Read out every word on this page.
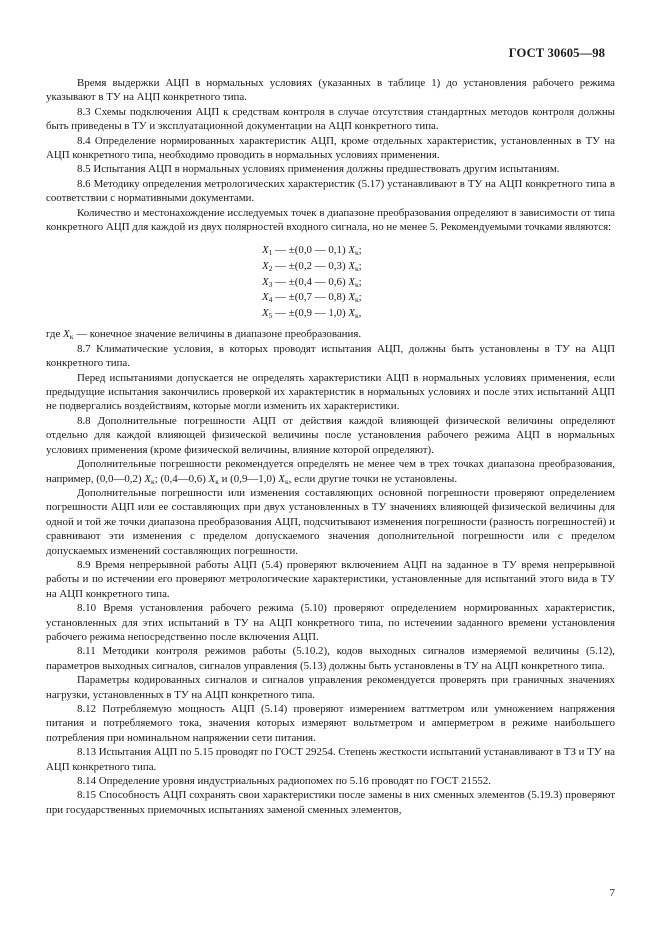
ГОСТ 30605—98

Время выдержки АЦП в нормальных условиях (указанных в таблице 1) до установления рабочего режима указывают в ТУ на АЦП конкретного типа.

8.3 Схемы подключения АЦП к средствам контроля в случае отсутствия стандартных методов контроля должны быть приведены в ТУ и эксплуатационной документации на АЦП конкретного типа.

8.4 Определение нормированных характеристик АЦП, кроме отдельных характеристик, установленных в ТУ на АЦП конкретного типа, необходимо проводить в нормальных условиях применения.

8.5 Испытания АЦП в нормальных условиях применения должны предшествовать другим испытаниям.

8.6 Методику определения метрологических характеристик (5.17) устанавливают в ТУ на АЦП конкретного типа в соответствии с нормативными документами.

Количество и местонахождение исследуемых точек в диапазоне преобразования определяют в зависимости от типа конкретного АЦП для каждой из двух полярностей входного сигнала, но не менее 5. Рекомендуемыми точками являются:

$X_1$ — ±(0,0 — 0,1) $X_к$;
$X_2$ — ±(0,2 — 0,3) $X_к$;
$X_3$ — ±(0,4 — 0,6) $X_к$;
$X_4$ — ±(0,7 — 0,8) $X_к$;
$X_5$ — ±(0,9 — 1,0) $X_к$,

где $X_к$ — конечное значение величины в диапазоне преобразования.

8.7 Климатические условия, в которых проводят испытания АЦП, должны быть установлены в ТУ на АЦП конкретного типа.

Перед испытаниями допускается не определять характеристики АЦП в нормальных условиях применения, если предыдущие испытания закончились проверкой их характеристик в нормальных условиях и после этих испытаний АЦП не подвергались воздействиям, которые могли изменить их характеристики.

8.8 Дополнительные погрешности АЦП от действия каждой влияющей физической величины определяют отдельно для каждой влияющей физической величины после установления рабочего режима АЦП в нормальных условиях применения (кроме физической величины, влияние которой определяют).

Дополнительные погрешности рекомендуется определять не менее чем в трех точках диапазона преобразования, например, (0,0—0,2) $X_к$; (0,4—0,6) $X_к$ и (0,9—1,0) $X_к$, если другие точки не установлены.

Дополнительные погрешности или изменения составляющих основной погрешности проверяют определением погрешности АЦП или ее составляющих при двух установленных в ТУ значениях влияющей физической величины для одной и той же точки диапазона преобразования АЦП, подсчитывают изменения погрешности (разность погрешностей) и сравнивают эти изменения с пределом допускаемого значения дополнительной погрешности или с пределом допускаемых изменений составляющих погрешности.

8.9 Время непрерывной работы АЦП (5.4) проверяют включением АЦП на заданное в ТУ время непрерывной работы и по истечении его проверяют метрологические характеристики, установленные для испытаний этого вида в ТУ на АЦП конкретного типа.

8.10 Время установления рабочего режима (5.10) проверяют определением нормированных характеристик, установленных для этих испытаний в ТУ на АЦП конкретного типа, по истечении заданного времени установления рабочего режима непосредственно после включения АЦП.

8.11 Методики контроля режимов работы (5.10.2), кодов выходных сигналов измеряемой величины (5.12), параметров выходных сигналов, сигналов управления (5.13) должны быть установлены в ТУ на АЦП конкретного типа.

Параметры кодированных сигналов и сигналов управления рекомендуется проверять при граничных значениях нагрузки, установленных в ТУ на АЦП конкретного типа.

8.12 Потребляемую мощность АЦП (5.14) проверяют измерением ваттметром или умножением напряжения питания и потребляемого тока, значения которых измеряют вольтметром и амперметром в режиме наибольшего потребления при номинальном напряжении сети питания.

8.13 Испытания АЦП по 5.15 проводят по ГОСТ 29254. Степень жесткости испытаний устанавливают в ТЗ и ТУ на АЦП конкретного типа.

8.14 Определение уровня индустриальных радиопомех по 5.16 проводят по ГОСТ 21552.

8.15 Способность АЦП сохранять свои характеристики после замены в них сменных элементов (5.19.3) проверяют при государственных приемочных испытаниях заменой сменных элементов,

7
